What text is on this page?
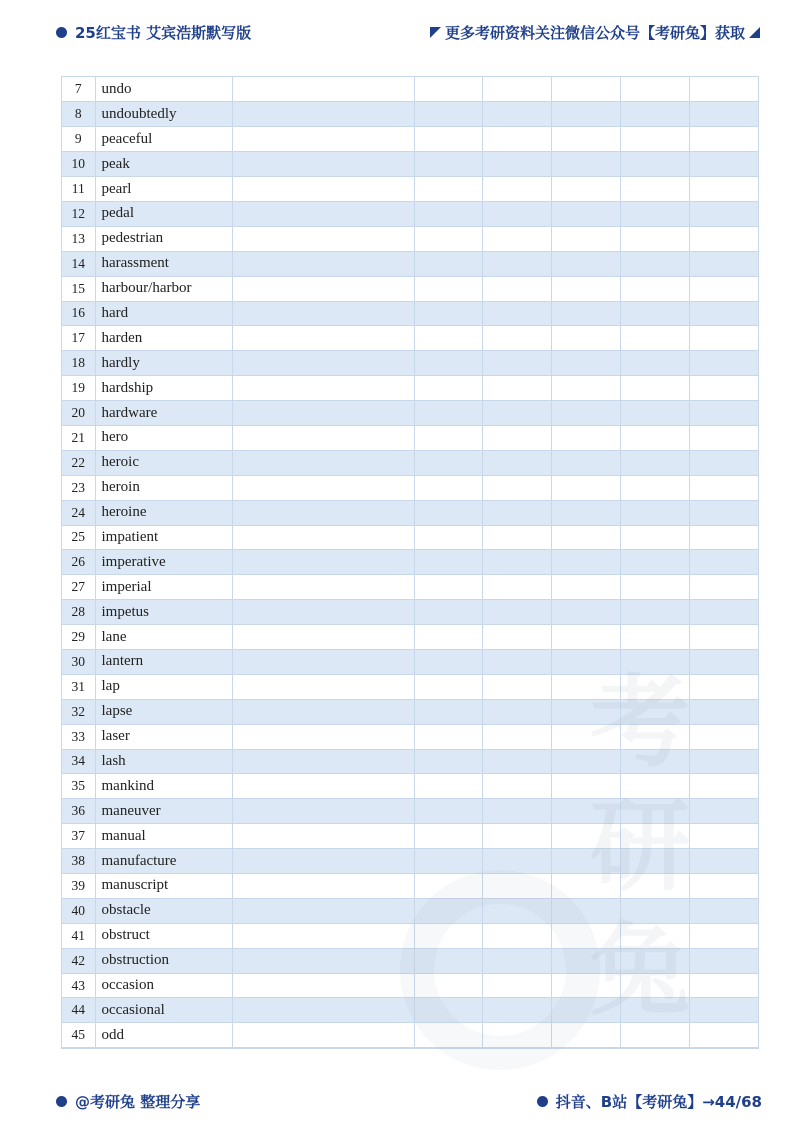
25红宝书 艾宾浩斯默写版	更多考研资料关注微信公众号【考研兔】获取
7	undo						
8	undoubtedly						
9	peaceful						
10	peak						
11	pearl						
12	pedal						
13	pedestrian						
14	harassment						
15	harbour/harbor						
16	hard						
17	harden						
18	hardly						
19	hardship						
20	hardware						
21	hero						
22	heroic						
23	heroin						
24	heroine						
25	impatient						
26	imperative						
27	imperial						
28	impetus						
29	lane						
30	lantern						
31	lap						
32	lapse						
33	laser						
34	lash						
35	mankind						
36	maneuver						
37	manual						
38	manufacture						
39	manuscript						
40	obstacle						
41	obstruct						
42	obstruction						
43	occasion						
44	occasional						
45	odd						
@考研兔 整理分享	抖音、B站【考研兔】→44/68
